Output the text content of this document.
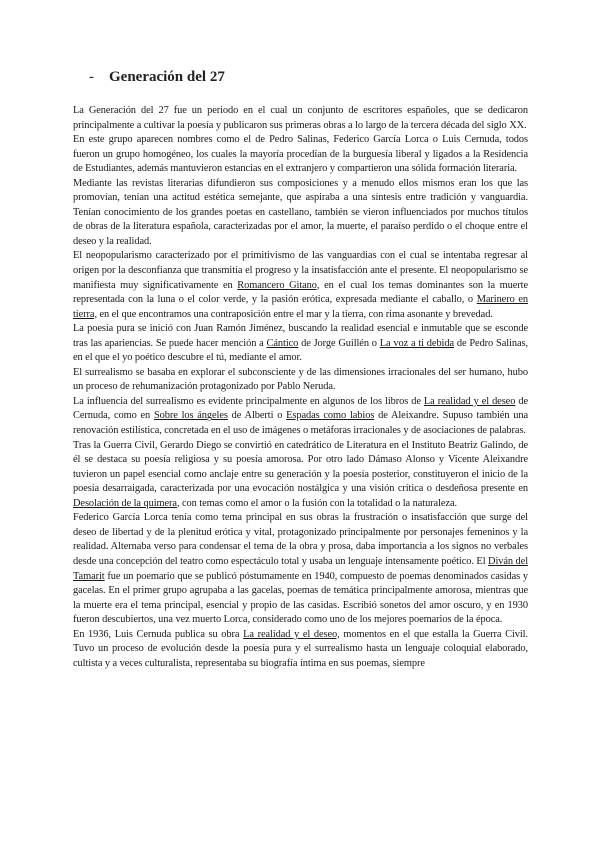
-	Generación del 27

La Generación del 27 fue un periodo en el cual un conjunto de escritores españoles, que se dedicaron principalmente a cultivar la poesía y publicaron sus primeras obras a lo largo de la tercera década del siglo XX.

En este grupo aparecen nombres como el de Pedro Salinas, Federico García Lorca o Luis Cernuda, todos fueron un grupo homogéneo, los cuales la mayoría procedían de la burguesía liberal y ligados a la Residencia de Estudiantes, además mantuvieron estancias en el extranjero y compartieron una sólida formación literaria.

Mediante las revistas literarias difundieron sus composiciones y a menudo ellos mismos eran los que las promovían, tenían una actitud estética semejante, que aspiraba a una síntesis entre tradición y vanguardia. Tenían conocimiento de los grandes poetas en castellano, también se vieron influenciados por muchos títulos de obras de la literatura española, caracterizadas por el amor, la muerte, el paraíso perdido o el choque entre el deseo y la realidad.

El neopopularismo caracterizado por el primitivismo de las vanguardias con el cual se intentaba regresar al origen por la desconfianza que transmitía el progreso y la insatisfacción ante el presente. El neopopularismo se manifiesta muy significativamente en Romancero Gitano, en el cual los temas dominantes son la muerte representada con la luna o el color verde, y la pasión erótica, expresada mediante el caballo, o Marinero en tierra, en el que encontramos una contraposición entre el mar y la tierra, con rima asonante y brevedad.

La poesía pura se inició con Juan Ramón Jiménez, buscando la realidad esencial e inmutable que se esconde tras las apariencias. Se puede hacer mención a Cántico de Jorge Guillén o La voz a ti debida de Pedro Salinas, en el que el yo poético descubre el tú, mediante el amor.

El surrealismo se basaba en explorar el subconsciente y de las dimensiones irracionales del ser humano, hubo un proceso de rehumanización protagonizado por Pablo Neruda.

La influencia del surrealismo es evidente principalmente en algunos de los libros de La realidad y el deseo de Cernuda, como en Sobre los ángeles de Alberti o Espadas como labios de Aleixandre. Supuso también una renovación estilística, concretada en el uso de imágenes o metáforas irracionales y de asociaciones de palabras.

Tras la Guerra Civil, Gerardo Diego se convirtió en catedrático de Literatura en el Instituto Beatriz Galindo, de él se destaca su poesía religiosa y su poesía amorosa. Por otro lado Dámaso Alonso y Vicente Aleixandre tuvieron un papel esencial como anclaje entre su generación y la poesía posterior, constituyeron el inicio de la poesía desarraigada, caracterizada por una evocación nostálgica y una visión crítica o desdeñosa presente en Desolación de la quimera, con temas como el amor o la fusión con la totalidad o la naturaleza.

Federico García Lorca tenía como tema principal en sus obras la frustración o insatisfacción que surge del deseo de libertad y de la plenitud erótica y vital, protagonizado principalmente por personajes femeninos y la realidad. Alternaba verso para condensar el tema de la obra y prosa, daba importancia a los signos no verbales desde una concepción del teatro como espectáculo total y usaba un lenguaje intensamente poético. El Diván del Tamarit fue un poemario que se publicó póstumamente en 1940, compuesto de poemas denominados casidas y gacelas. En el primer grupo agrupaba a las gacelas, poemas de temática principalmente amorosa, mientras que la muerte era el tema principal, esencial y propio de las casidas. Escribió sonetos del amor oscuro, y en 1930 fueron descubiertos, una vez muerto Lorca, considerado como uno de los mejores poemarios de la época.

En 1936, Luis Cernuda publica su obra La realidad y el deseo, momentos en el que estalla la Guerra Civil. Tuvo un proceso de evolución desde la poesía pura y el surrealismo hasta un lenguaje coloquial elaborado, cultista y a veces culturalista, representaba su biografía íntima en sus poemas, siempre
